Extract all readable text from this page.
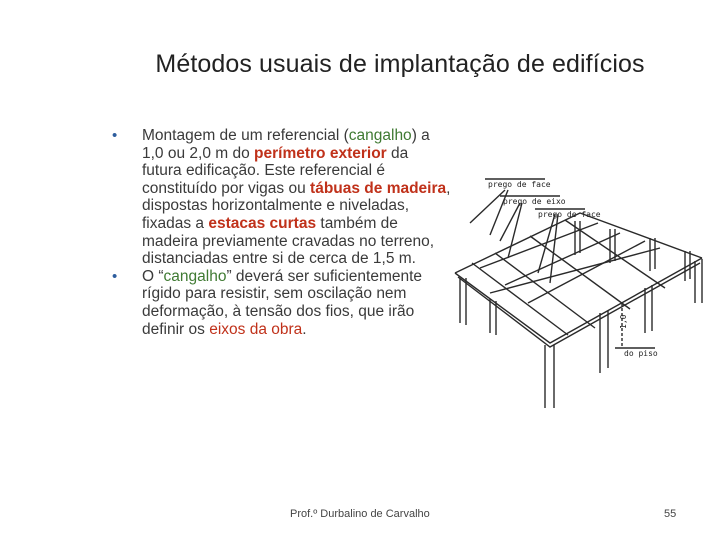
Métodos usuais de implantação de edifícios
• Montagem de um referencial (cangalho) a 1,0 ou 2,0 m do perímetro exterior da futura edificação. Este referencial é constituído por vigas ou tábuas de madeira, dispostas horizontalmente e niveladas, fixadas a estacas curtas também de madeira previamente cravadas no terreno, distanciadas entre si de cerca de 1,5 m.
• O “cangalho” deverá ser suficientemente rígido para resistir, sem oscilação nem deformação, à tensão dos fios, que irão definir os eixos da obra.
prego de face
prego de eixo
prego de face
1,0
do piso
Prof.º Durbalino de Carvalho	55
